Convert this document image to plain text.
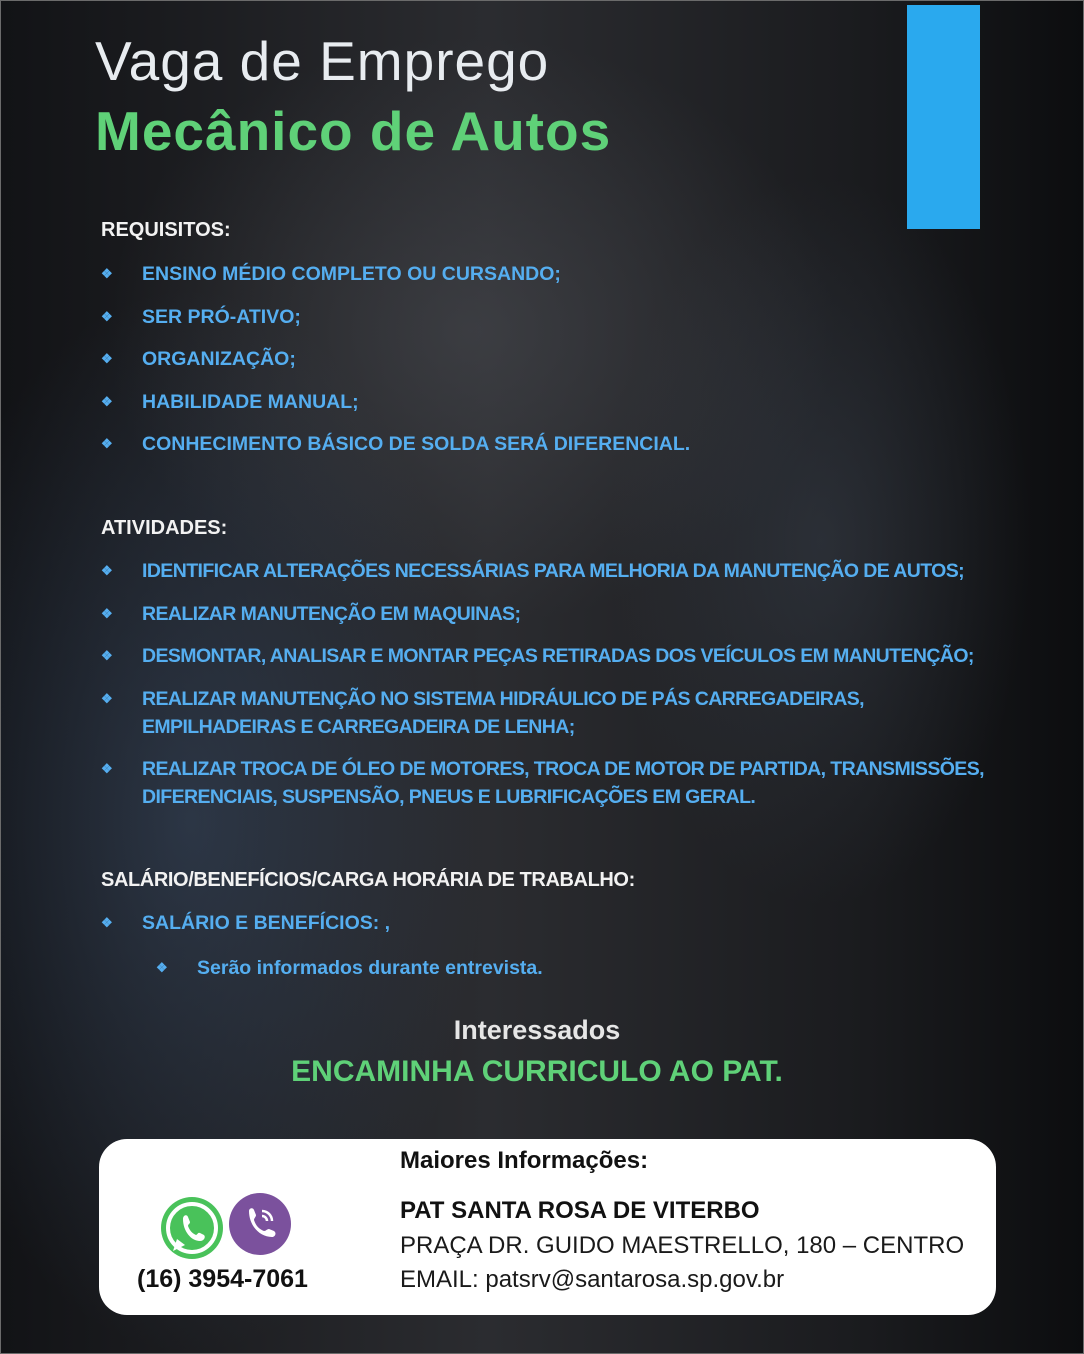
Vaga de Emprego
Mecânico de Autos
REQUISITOS:
❖ ENSINO MÉDIO COMPLETO OU CURSANDO;
❖ SER PRÓ-ATIVO;
❖ ORGANIZAÇÃO;
❖ HABILIDADE MANUAL;
❖ CONHECIMENTO BÁSICO DE SOLDA SERÁ DIFERENCIAL.
ATIVIDADES:
❖ IDENTIFICAR ALTERAÇÕES NECESSÁRIAS PARA MELHORIA DA MANUTENÇÃO DE AUTOS;
❖ REALIZAR MANUTENÇÃO EM MAQUINAS;
❖ DESMONTAR, ANALISAR E MONTAR PEÇAS RETIRADAS DOS VEÍCULOS EM MANUTENÇÃO;
❖ REALIZAR MANUTENÇÃO NO SISTEMA HIDRÁULICO DE PÁS CARREGADEIRAS, EMPILHADEIRAS E CARREGADEIRA DE LENHA;
❖ REALIZAR TROCA DE ÓLEO DE MOTORES, TROCA DE MOTOR DE PARTIDA, TRANSMISSÕES, DIFERENCIAIS, SUSPENSÃO, PNEUS E LUBRIFICAÇÕES EM GERAL.
SALÁRIO/BENEFÍCIOS/CARGA HORÁRIA DE TRABALHO:
❖ SALÁRIO E BENEFÍCIOS: ,
❖ Serão informados durante entrevista.
Interessados
ENCAMINHA CURRICULO AO PAT.
(16) 3954-7061
Maiores Informações:
PAT SANTA ROSA DE VITERBO
PRAÇA DR. GUIDO MAESTRELLO, 180 – CENTRO
EMAIL: patsrv@santarosa.sp.gov.br
